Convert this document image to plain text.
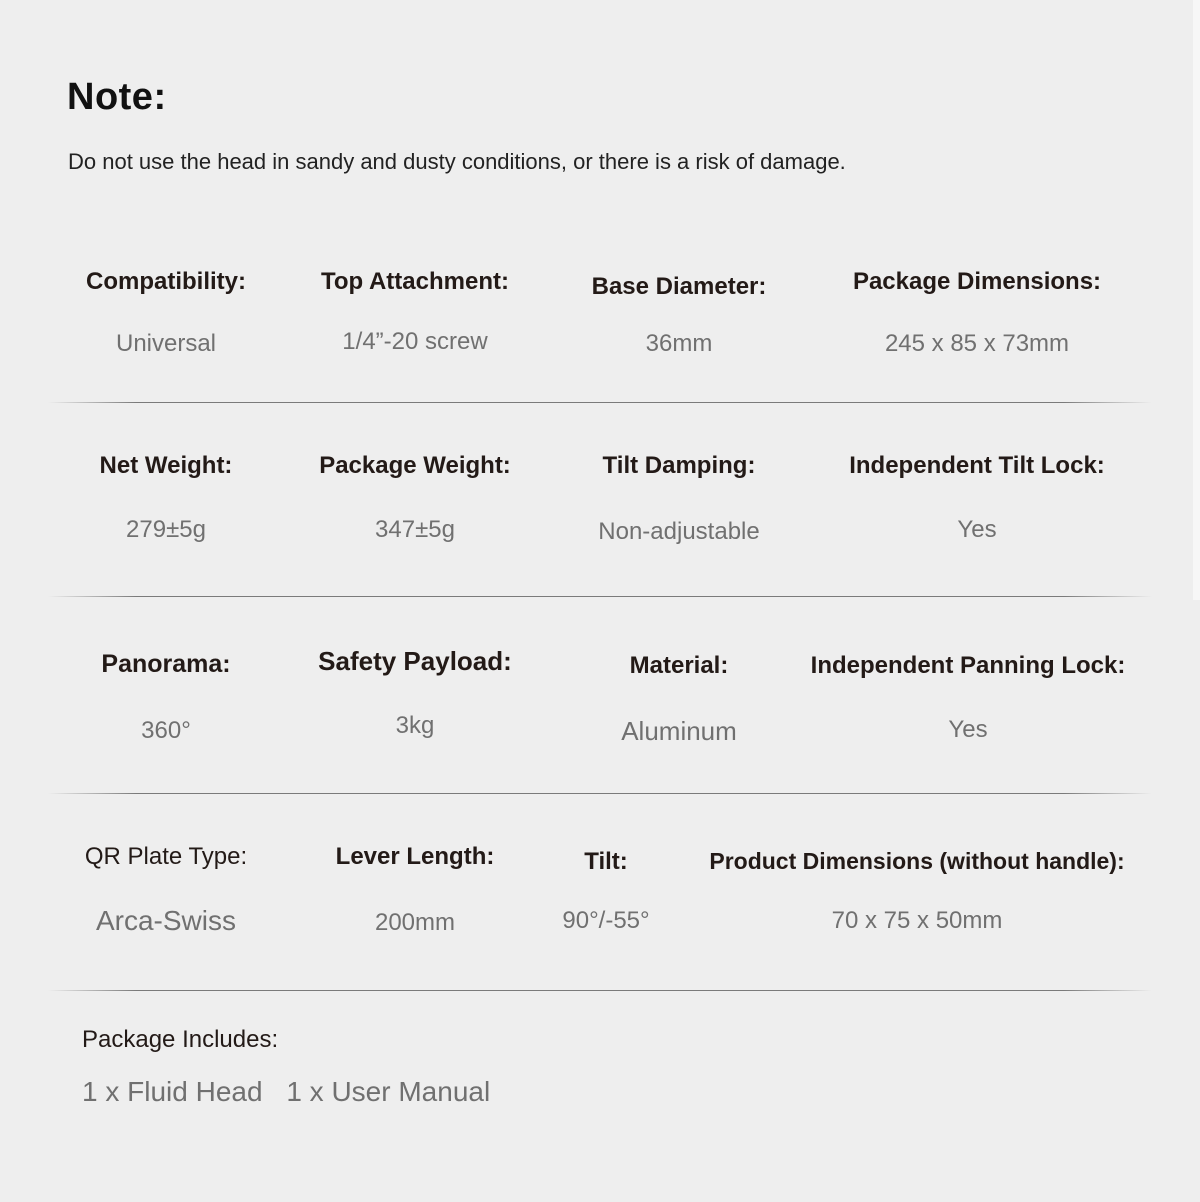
Note:
Do not use the head in sandy and dusty conditions, or there is a risk of damage.
Compatibility:
Universal
Top Attachment:
1/4”-20 screw
Base Diameter:
36mm
Package Dimensions:
245 x 85 x 73mm
Net Weight:
279±5g
Package Weight:
347±5g
Tilt Damping:
Non-adjustable
Independent Tilt Lock:
Yes
Panorama:
360°
Safety Payload:
3kg
Material:
Aluminum
Independent Panning Lock:
Yes
QR Plate Type:
Arca-Swiss
Lever Length:
200mm
Tilt:
90°/-55°
Product Dimensions (without handle):
70 x 75 x 50mm
Package Includes:
1 x Fluid Head 1 x User Manual
